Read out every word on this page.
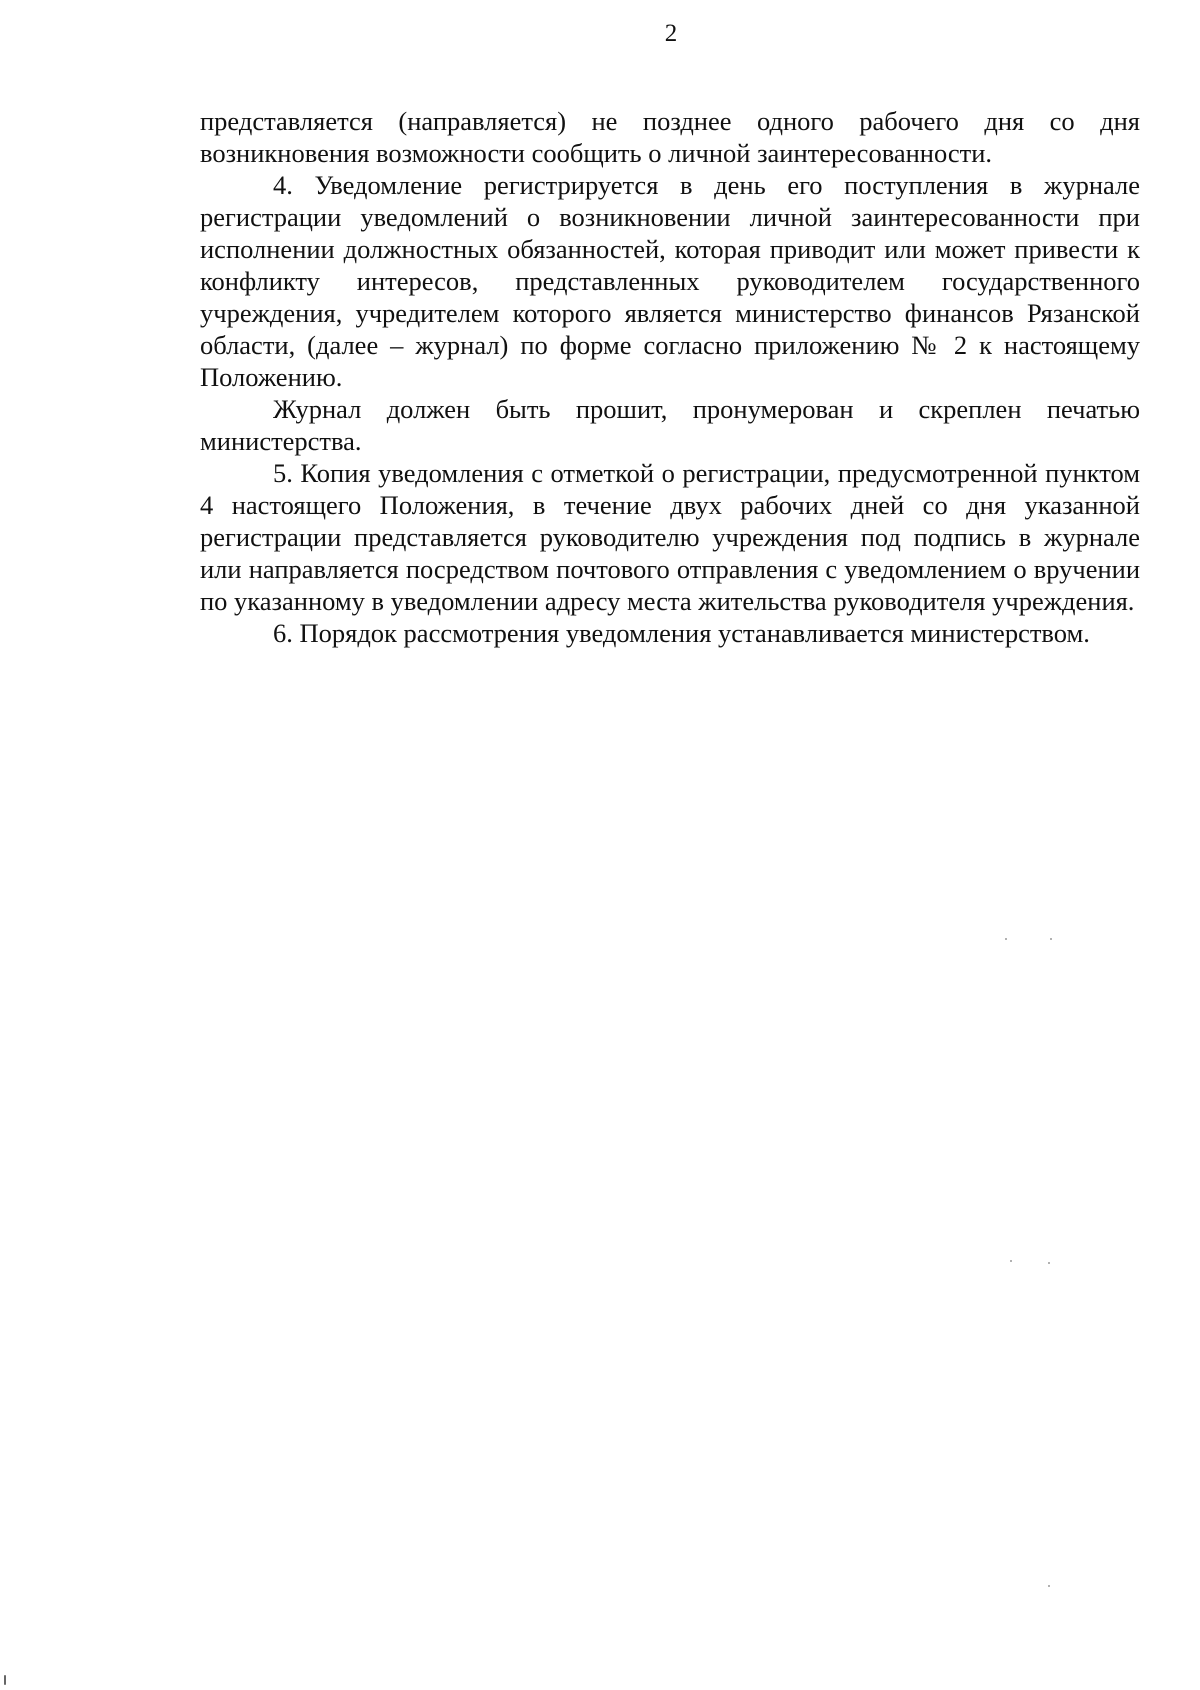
2

представляется (направляется) не позднее одного рабочего дня со дня возникновения возможности сообщить о личной заинтересованности.

4. Уведомление регистрируется в день его поступления в журнале регистрации уведомлений о возникновении личной заинтересованности при исполнении должностных обязанностей, которая приводит или может привести к конфликту интересов, представленных руководителем государственного учреждения, учредителем которого является министерство финансов Рязанской области, (далее – журнал) по форме согласно приложению № 2 к настоящему Положению.

Журнал должен быть прошит, пронумерован и скреплен печатью министерства.

5. Копия уведомления с отметкой о регистрации, предусмотренной пунктом 4 настоящего Положения, в течение двух рабочих дней со дня указанной регистрации представляется руководителю учреждения под подпись в журнале или направляется посредством почтового отправления с уведомлением о вручении по указанному в уведомлении адресу места жительства руководителя учреждения.

6. Порядок рассмотрения уведомления устанавливается министерством.
